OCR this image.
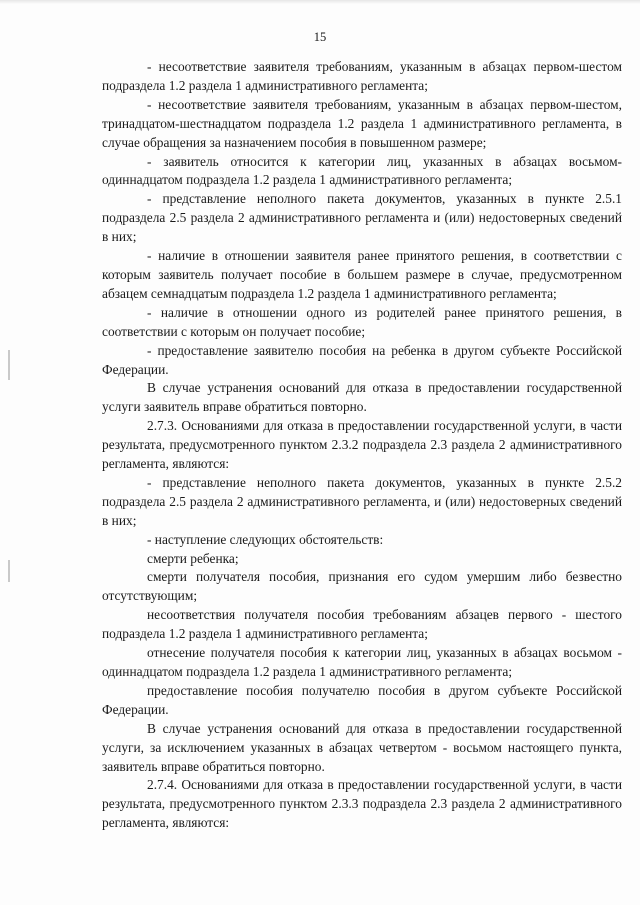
15

- несоответствие заявителя требованиям, указанным в абзацах первом-шестом подраздела 1.2 раздела 1 административного регламента;

- несоответствие заявителя требованиям, указанным в абзацах первом-шестом, тринадцатом-шестнадцатом подраздела 1.2 раздела 1 административного регламента, в случае обращения за назначением пособия в повышенном размере;

- заявитель относится к категории лиц, указанных в абзацах восьмом-одиннадцатом подраздела 1.2 раздела 1 административного регламента;

- представление неполного пакета документов, указанных в пункте 2.5.1 подраздела 2.5 раздела 2 административного регламента и (или) недостоверных сведений в них;

- наличие в отношении заявителя ранее принятого решения, в соответствии с которым заявитель получает пособие в большем размере в случае, предусмотренном абзацем семнадцатым подраздела 1.2 раздела 1 административного регламента;

- наличие в отношении одного из родителей ранее принятого решения, в соответствии с которым он получает пособие;

- предоставление заявителю пособия на ребенка в другом субъекте Российской Федерации.

В случае устранения оснований для отказа в предоставлении государственной услуги заявитель вправе обратиться повторно.

2.7.3. Основаниями для отказа в предоставлении государственной услуги, в части результата, предусмотренного пунктом 2.3.2 подраздела 2.3 раздела 2 административного регламента, являются:

- представление неполного пакета документов, указанных в пункте 2.5.2 подраздела 2.5 раздела 2 административного регламента, и (или) недостоверных сведений в них;

- наступление следующих обстоятельств:

смерти ребенка;

смерти получателя пособия, признания его судом умершим либо безвестно отсутствующим;

несоответствия получателя пособия требованиям абзацев первого - шестого подраздела 1.2 раздела 1 административного регламента;

отнесение получателя пособия к категории лиц, указанных в абзацах восьмом - одиннадцатом подраздела 1.2 раздела 1 административного регламента;

предоставление пособия получателю пособия в другом субъекте Российской Федерации.

В случае устранения оснований для отказа в предоставлении государственной услуги, за исключением указанных в абзацах четвертом - восьмом настоящего пункта, заявитель вправе обратиться повторно.

2.7.4. Основаниями для отказа в предоставлении государственной услуги, в части результата, предусмотренного пунктом 2.3.3 подраздела 2.3 раздела 2 административного регламента, являются:
